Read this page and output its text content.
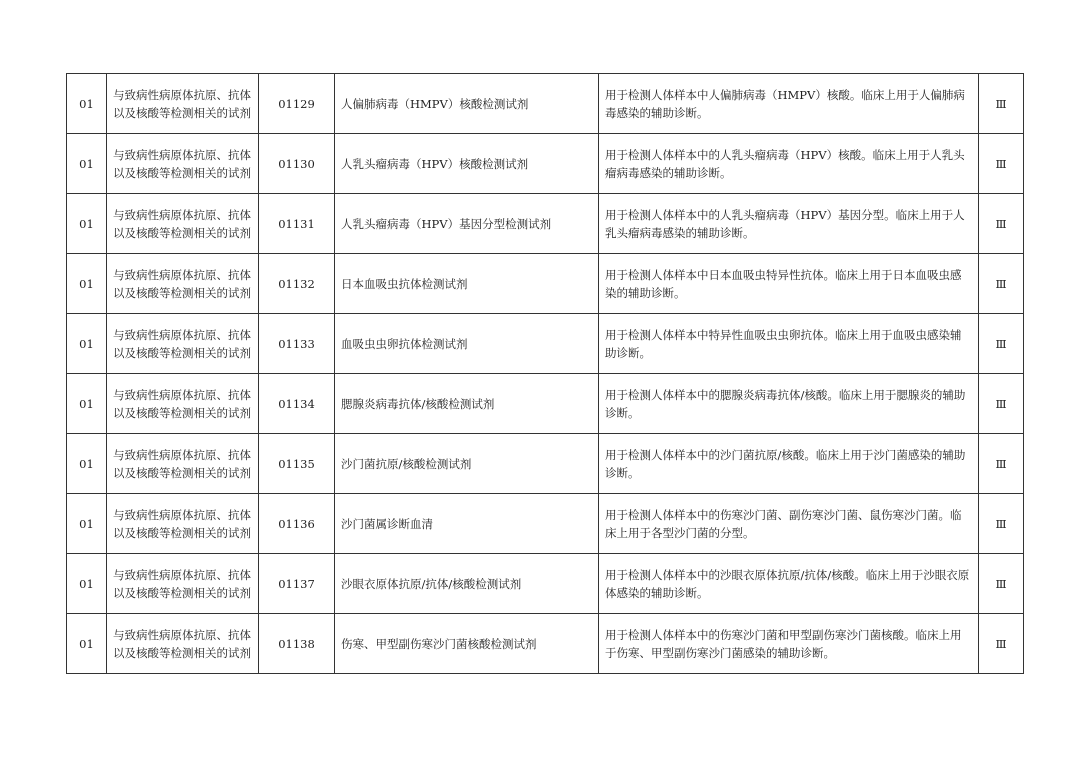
01	与致病性病原体抗原、抗体以及核酸等检测相关的试剂	01129	人偏肺病毒（HMPV）核酸检测试剂	用于检测人体样本中人偏肺病毒（HMPV）核酸。临床上用于人偏肺病毒感染的辅助诊断。	Ⅲ
01	与致病性病原体抗原、抗体以及核酸等检测相关的试剂	01130	人乳头瘤病毒（HPV）核酸检测试剂	用于检测人体样本中的人乳头瘤病毒（HPV）核酸。临床上用于人乳头瘤病毒感染的辅助诊断。	Ⅲ
01	与致病性病原体抗原、抗体以及核酸等检测相关的试剂	01131	人乳头瘤病毒（HPV）基因分型检测试剂	用于检测人体样本中的人乳头瘤病毒（HPV）基因分型。临床上用于人乳头瘤病毒感染的辅助诊断。	Ⅲ
01	与致病性病原体抗原、抗体以及核酸等检测相关的试剂	01132	日本血吸虫抗体检测试剂	用于检测人体样本中日本血吸虫特异性抗体。临床上用于日本血吸虫感染的辅助诊断。	Ⅲ
01	与致病性病原体抗原、抗体以及核酸等检测相关的试剂	01133	血吸虫虫卵抗体检测试剂	用于检测人体样本中特异性血吸虫虫卵抗体。临床上用于血吸虫感染辅助诊断。	Ⅲ
01	与致病性病原体抗原、抗体以及核酸等检测相关的试剂	01134	腮腺炎病毒抗体/核酸检测试剂	用于检测人体样本中的腮腺炎病毒抗体/核酸。临床上用于腮腺炎的辅助诊断。	Ⅲ
01	与致病性病原体抗原、抗体以及核酸等检测相关的试剂	01135	沙门菌抗原/核酸检测试剂	用于检测人体样本中的沙门菌抗原/核酸。临床上用于沙门菌感染的辅助诊断。	Ⅲ
01	与致病性病原体抗原、抗体以及核酸等检测相关的试剂	01136	沙门菌属诊断血清	用于检测人体样本中的伤寒沙门菌、副伤寒沙门菌、鼠伤寒沙门菌。临床上用于各型沙门菌的分型。	Ⅲ
01	与致病性病原体抗原、抗体以及核酸等检测相关的试剂	01137	沙眼衣原体抗原/抗体/核酸检测试剂	用于检测人体样本中的沙眼衣原体抗原/抗体/核酸。临床上用于沙眼衣原体感染的辅助诊断。	Ⅲ
01	与致病性病原体抗原、抗体以及核酸等检测相关的试剂	01138	伤寒、甲型副伤寒沙门菌核酸检测试剂	用于检测人体样本中的伤寒沙门菌和甲型副伤寒沙门菌核酸。临床上用于伤寒、甲型副伤寒沙门菌感染的辅助诊断。	Ⅲ
